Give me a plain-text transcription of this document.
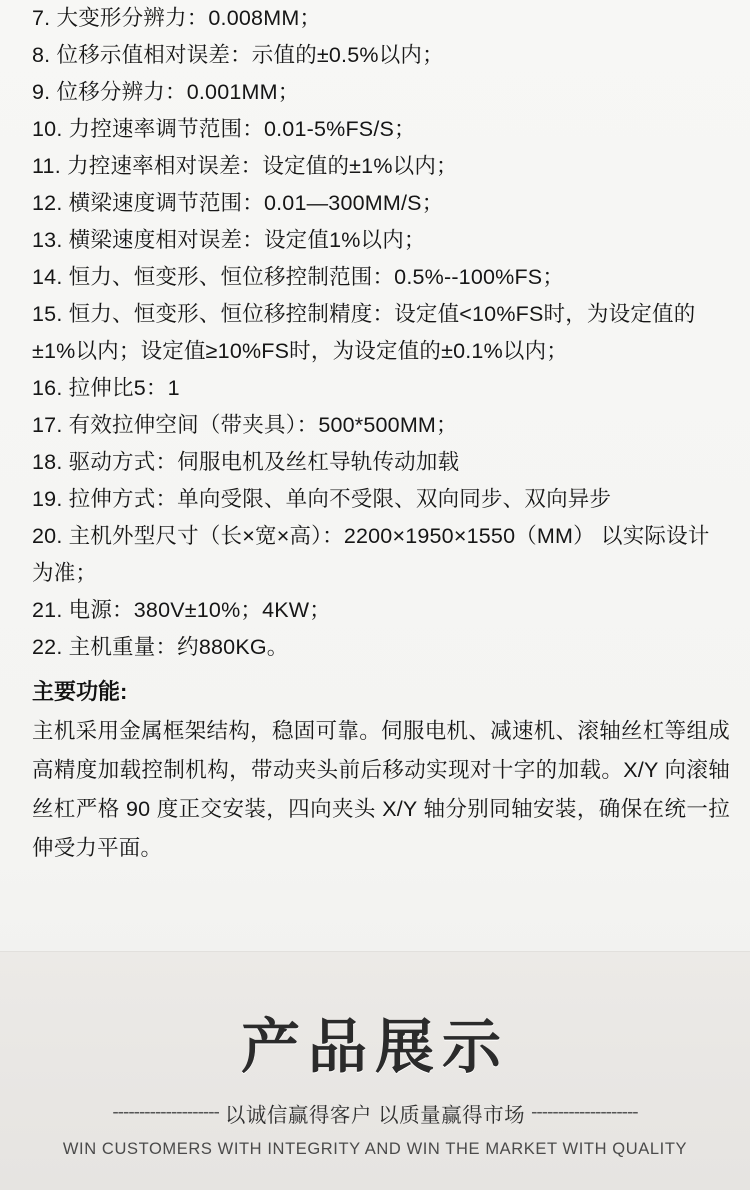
7. 大变形分辨力：0.008MM；
8. 位移示值相对误差：示值的±0.5%以内；
9. 位移分辨力：0.001MM；
10. 力控速率调节范围：0.01-5%FS/S；
11. 力控速率相对误差：设定值的±1%以内；
12. 横梁速度调节范围：0.01—300MM/S；
13. 横梁速度相对误差：设定值1%以内；
14. 恒力、恒变形、恒位移控制范围：0.5%--100%FS；
15. 恒力、恒变形、恒位移控制精度：设定值<10%FS时，为设定值的±1%以内；设定值≥10%FS时，为设定值的±0.1%以内；
16. 拉伸比5：1
17. 有效拉伸空间（带夹具）：500*500MM；
18. 驱动方式：伺服电机及丝杠导轨传动加载
19. 拉伸方式：单向受限、单向不受限、双向同步、双向异步
20. 主机外型尺寸（长×宽×高）：2200×1950×1550（MM） 以实际设计为准；
21. 电源：380V±10%；4KW；
22. 主机重量：约880KG。
主要功能:

主机采用金属框架结构，稳固可靠。伺服电机、减速机、滚轴丝杠等组成高精度加载控制机构，带动夹头前后移动实现对十字的加载。X/Y 向滚轴丝杠严格 90 度正交安装，四向夹头 X/Y 轴分别同轴安装，确保在统一拉伸受力平面。

产品展示
-------------------- 以诚信赢得客户 以质量赢得市场 --------------------
WIN CUSTOMERS WITH INTEGRITY AND WIN THE MARKET WITH QUALITY
